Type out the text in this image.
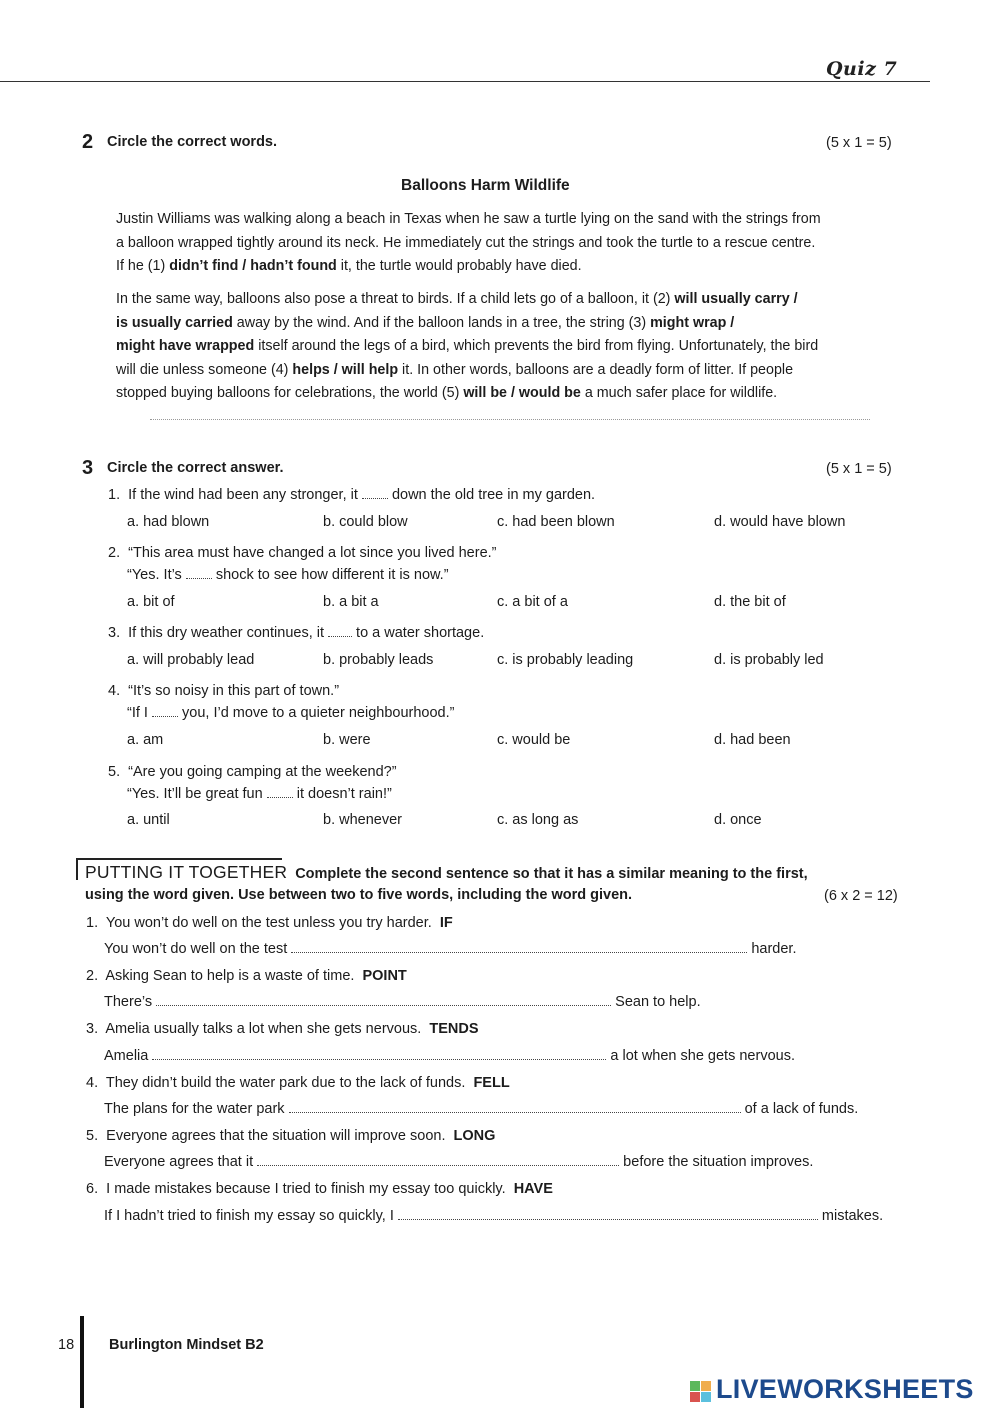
Quiz 7
2 Circle the correct words.	(5 x 1 = 5)
Balloons Harm Wildlife
Justin Williams was walking along a beach in Texas when he saw a turtle lying on the sand with the strings from
a balloon wrapped tightly around its neck. He immediately cut the strings and took the turtle to a rescue centre.
If he (1) didn’t find / hadn’t found it, the turtle would probably have died.
In the same way, balloons also pose a threat to birds. If a child lets go of a balloon, it (2) will usually carry /
is usually carried away by the wind. And if the balloon lands in a tree, the string (3) might wrap /
might have wrapped itself around the legs of a bird, which prevents the bird from flying. Unfortunately, the bird
will die unless someone (4) helps / will help it. In other words, balloons are a deadly form of litter. If people
stopped buying balloons for celebrations, the world (5) will be / would be a much safer place for wildlife.
3 Circle the correct answer.	(5 x 1 = 5)
1. If the wind had been any stronger, it  down the old tree in my garden.
a. had blown	b. could blow	c. had been blown	d. would have blown
2. “This area must have changed a lot since you lived here.”
“Yes. It’s  shock to see how different it is now.”
a. bit of	b. a bit a	c. a bit of a	d. the bit of
3. If this dry weather continues, it  to a water shortage.
a. will probably lead	b. probably leads	c. is probably leading	d. is probably led
4. “It’s so noisy in this part of town.”
“If I  you, I’d move to a quieter neighbourhood.”
a. am	b. were	c. would be	d. had been
5. “Are you going camping at the weekend?”
“Yes. It’ll be great fun  it doesn’t rain!”
a. until	b. whenever	c. as long as	d. once
PUTTING IT TOGETHER Complete the second sentence so that it has a similar meaning to the first,
using the word given. Use between two to five words, including the word given.	(6 x 2 = 12)
1. You won’t do well on the test unless you try harder. IF
You won’t do well on the test	harder.
2. Asking Sean to help is a waste of time. POINT
There’s	Sean to help.
3. Amelia usually talks a lot when she gets nervous. TENDS
Amelia	a lot when she gets nervous.
4. They didn’t build the water park due to the lack of funds. FELL
The plans for the water park	of a lack of funds.
5. Everyone agrees that the situation will improve soon. LONG
Everyone agrees that it	before the situation improves.
6. I made mistakes because I tried to finish my essay too quickly. HAVE
If I hadn’t tried to finish my essay so quickly, I	mistakes.
18 Burlington Mindset B2
LIVEWORKSHEETS
